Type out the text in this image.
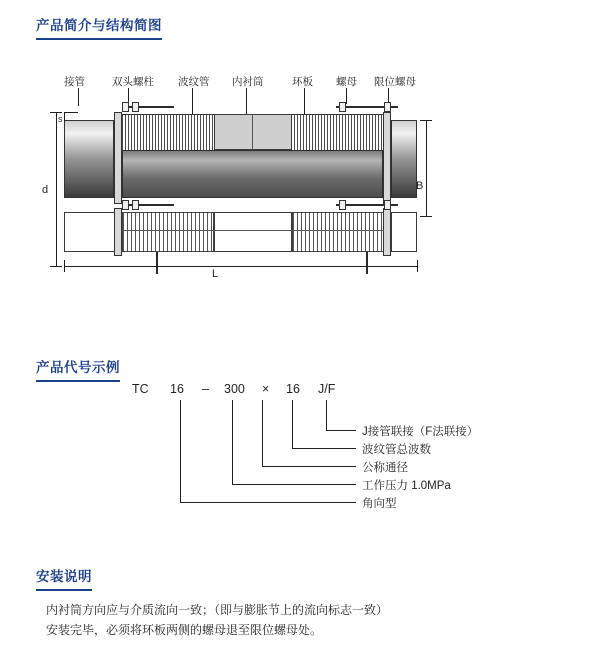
产品简介与结构简图
接管	双头螺柱 波纹管 内衬筒	环板 螺母 限位螺母
s
d	B
L
产品代号示例
TC 16 – 300 × 16 J/F
J接管联接（F法联接）
波纹管总波数
公称通径
工作压力 1.0MPa
角向型
安装说明
内衬筒方向应与介质流向一致；（即与膨胀节上的流向标志一致）
安装完毕，必须将环板两侧的螺母退至限位螺母处。
